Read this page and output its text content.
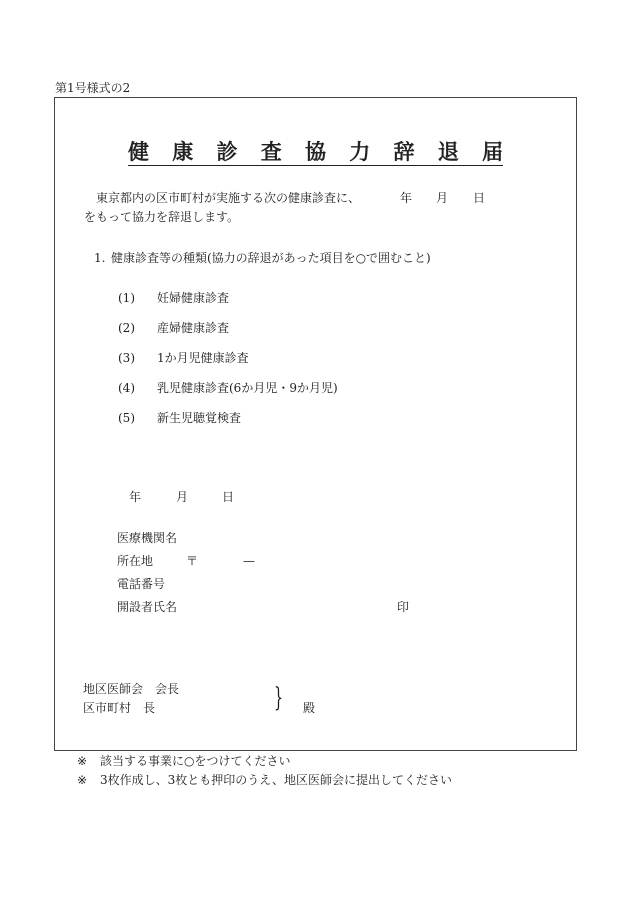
第1号様式の2
健 康 診 査 協 力 辞 退 届
東京都内の区市町村が実施する次の健康診査に、	年 月 日
をもって協力を辞退します。
1. 健康診査等の種類(協力の辞退があった項目を○で囲むこと)
(1) 妊婦健康診査
(2) 産婦健康診査
(3) 1か月児健康診査
(4) 乳児健康診査(6か月児・9か月児)
(5) 新生児聴覚検査
年	月	日
医療機関名
所在地	〒	—
電話番号
開設者氏名	印
地区医師会　会長
区市町村　長	} 殿
※ 該当する事業に○をつけてください
※ 3枚作成し、3枚とも押印のうえ、地区医師会に提出してください
